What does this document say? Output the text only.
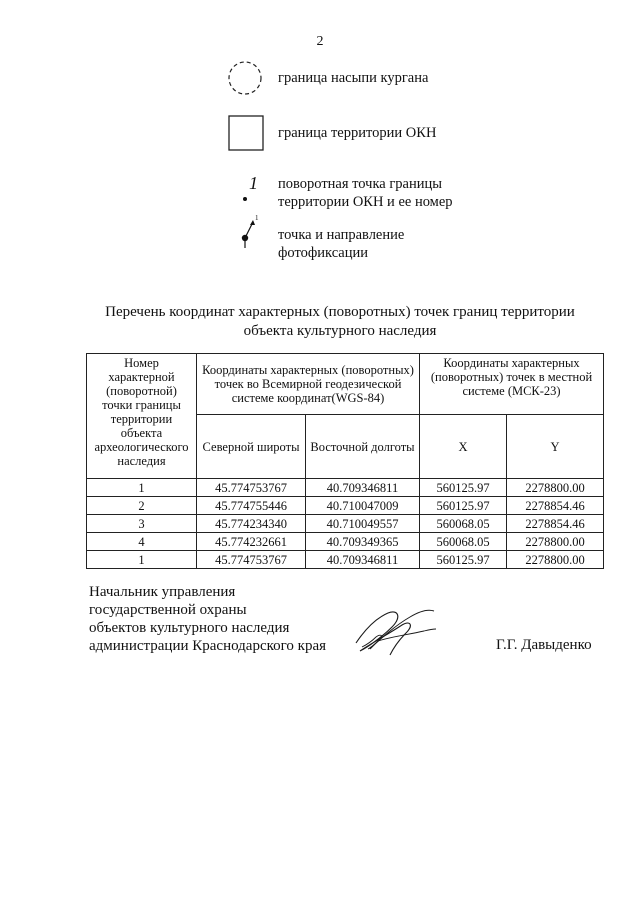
2
граница насыпи кургана
граница территории ОКН
1 поворотная точка границы
территории ОКН и ее номер
1
точка и направление
фотофиксации
Перечень координат характерных (поворотных) точек границ территории
объекта культурного наследия
Номер характерной (поворотной) точки границы территории объекта археологического наследия	Координаты характерных (поворотных) точек во Всемирной геодезической системе координат(WGS-84)		Координаты характерных (поворотных) точек в местной системе (МСК-23)	
	Северной широты	Восточной долготы	X	Y
1	45.774753767	40.709346811	560125.97	2278800.00
2	45.774755446	40.710047009	560125.97	2278854.46
3	45.774234340	40.710049557	560068.05	2278854.46
4	45.774232661	40.709349365	560068.05	2278800.00
1	45.774753767	40.709346811	560125.97	2278800.00
Начальник управления
государственной охраны
объектов культурного наследия
администрации Краснодарского края	Г.Г. Давыденко
